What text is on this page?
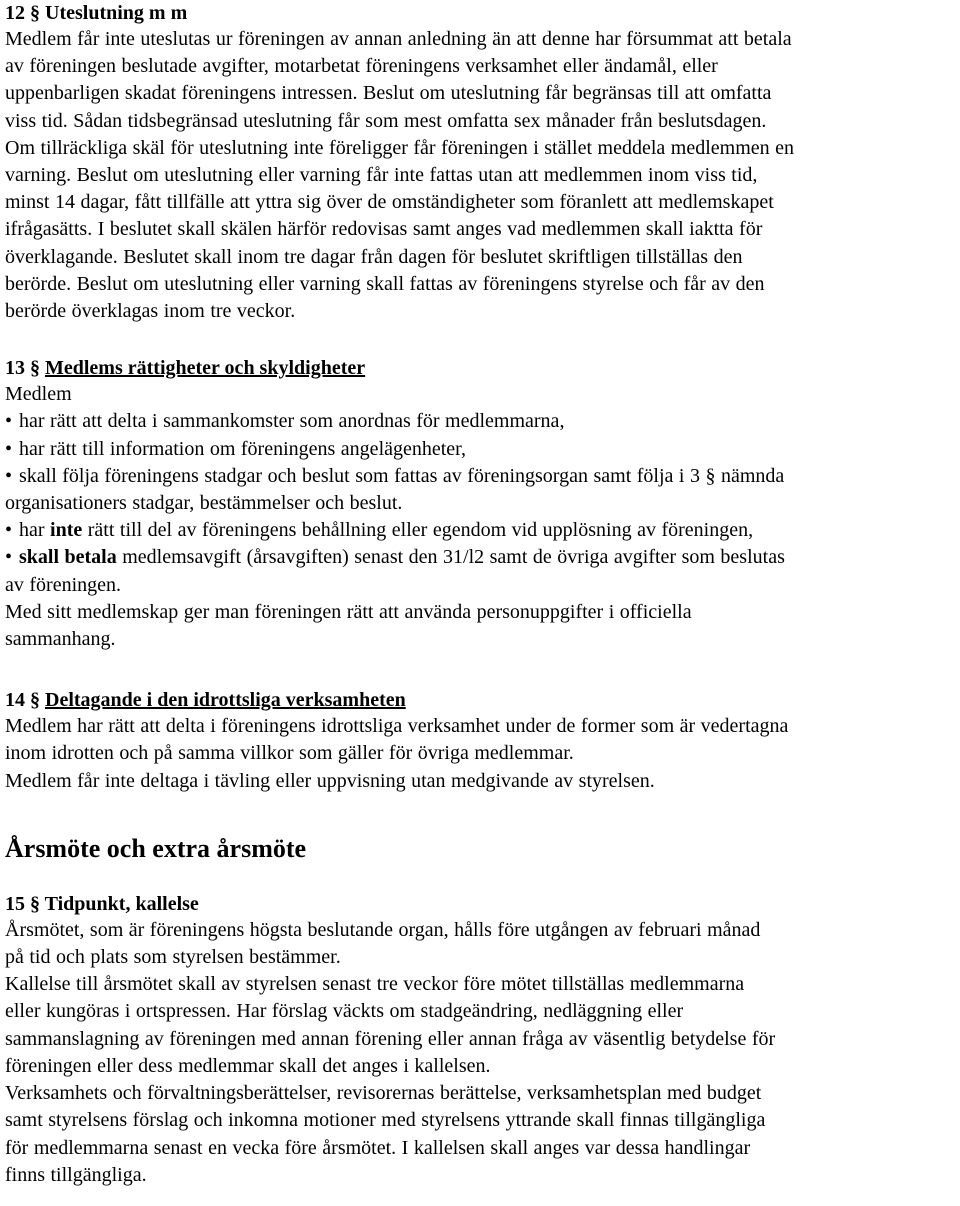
12 § Uteslutning m m
Medlem får inte uteslutas ur föreningen av annan anledning än att denne har försummat att betala
av föreningen beslutade avgifter, motarbetat föreningens verksamhet eller ändamål, eller
uppenbarligen skadat föreningens intressen. Beslut om uteslutning får begränsas till att omfatta
viss tid. Sådan tidsbegränsad uteslutning får som mest omfatta sex månader från beslutsdagen.
Om tillräckliga skäl för uteslutning inte föreligger får föreningen i stället meddela medlemmen en
varning. Beslut om uteslutning eller varning får inte fattas utan att medlemmen inom viss tid,
minst 14 dagar, fått tillfälle att yttra sig över de omständigheter som föranlett att medlemskapet
ifrågasätts. I beslutet skall skälen härför redovisas samt anges vad medlemmen skall iaktta för
överklagande. Beslutet skall inom tre dagar från dagen för beslutet skriftligen tillställas den
berörde. Beslut om uteslutning eller varning skall fattas av föreningens styrelse och får av den
berörde överklagas inom tre veckor.
13 § Medlems rättigheter och skyldigheter
Medlem
• har rätt att delta i sammankomster som anordnas för medlemmarna,
• har rätt till information om föreningens angelägenheter,
• skall följa föreningens stadgar och beslut som fattas av föreningsorgan samt följa i 3 § nämnda
organisationers stadgar, bestämmelser och beslut.
• har inte rätt till del av föreningens behållning eller egendom vid upplösning av föreningen,
• skall betala medlemsavgift (årsavgiften) senast den 31/l2 samt de övriga avgifter som beslutas
av föreningen.
Med sitt medlemskap ger man föreningen rätt att använda personuppgifter i officiella
sammanhang.
14 § Deltagande i den idrottsliga verksamheten
Medlem har rätt att delta i föreningens idrottsliga verksamhet under de former som är vedertagna
inom idrotten och på samma villkor som gäller för övriga medlemmar.
Medlem får inte deltaga i tävling eller uppvisning utan medgivande av styrelsen.
Årsmöte och extra årsmöte
15 § Tidpunkt, kallelse
Årsmötet, som är föreningens högsta beslutande organ, hålls före utgången av februari månad
på tid och plats som styrelsen bestämmer.
Kallelse till årsmötet skall av styrelsen senast tre veckor före mötet tillställas medlemmarna
eller kungöras i ortspressen. Har förslag väckts om stadgeändring, nedläggning eller
sammanslagning av föreningen med annan förening eller annan fråga av väsentlig betydelse för
föreningen eller dess medlemmar skall det anges i kallelsen.
Verksamhets och förvaltningsberättelser, revisorernas berättelse, verksamhetsplan med budget
samt styrelsens förslag och inkomna motioner med styrelsens yttrande skall finnas tillgängliga
för medlemmarna senast en vecka före årsmötet. I kallelsen skall anges var dessa handlingar
finns tillgängliga.
